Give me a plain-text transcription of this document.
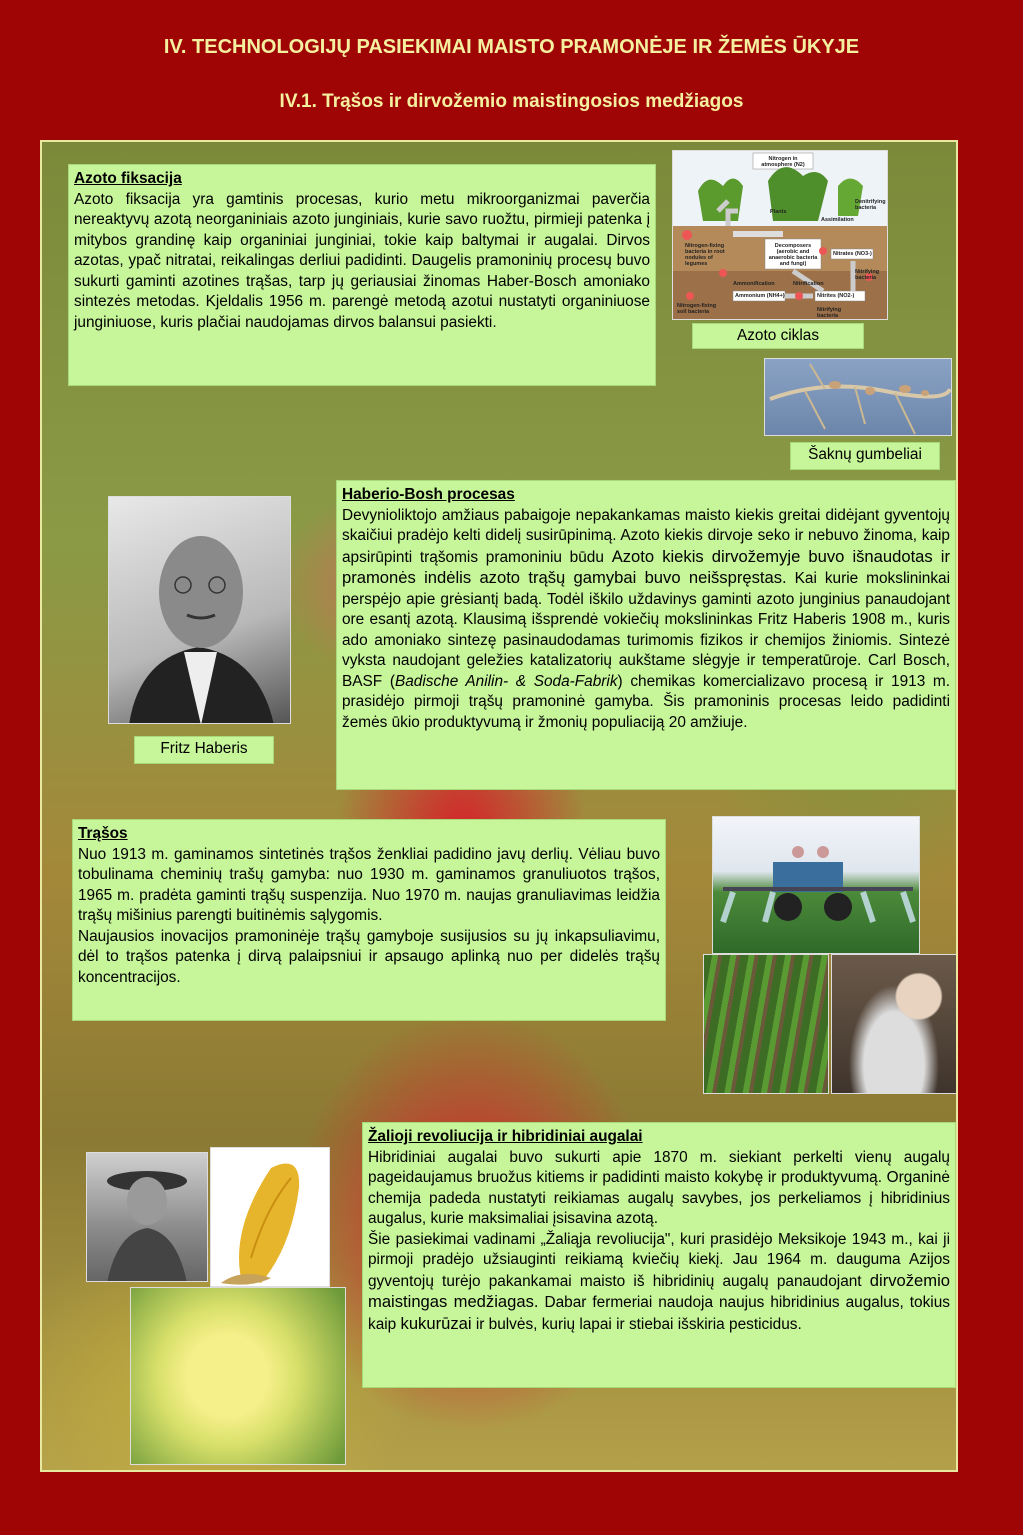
IV. TECHNOLOGIJŲ PASIEKIMAI MAISTO PRAMONĖJE IR ŽEMĖS ŪKYJE
IV.1. Trąšos ir dirvožemio maistingosios medžiagos
Azoto fiksacija

Azoto fiksacija yra gamtinis procesas, kurio metu mikroorganizmai paverčia nereaktyvų azotą neorganiniais azoto junginiais, kurie savo ruožtu, pirmieji patenka į mitybos grandinę kaip organiniai junginiai, tokie kaip baltymai ir augalai. Dirvos azotas, ypač nitratai, reikalingas derliui padidinti. Daugelis pramoninių procesų buvo sukurti gaminti azotines trąšas, tarp jų geriausiai žinomas Haber-Bosch amoniako sintezės metodas. Kjeldalis 1956 m. parengė metodą azotui nustatyti organiniuose junginiuose, kuris plačiai naudojamas dirvos balansui pasiekti.

Nitrogen in atmosphere (N2)
Plants
Assimilation
Denitrifying bacteria
Nitrogen-fixing bacteria in root nodules of legumes
Decomposers (aerobic and anaerobic bacteria and fungi)
Nitrates (NO3-)
Nitrifying bacteria
Ammonification	Nitrification
Nitrogen-fixing soil bacteria
Ammonium (NH4+)	Nitrites (NO2-)
Nitrifying bacteria
Azoto ciklas
Šaknų gumbeliai
Fritz Haberis
Haberio-Bosh procesas

Devynioliktojo amžiaus pabaigoje nepakankamas maisto kiekis greitai didėjant gyventojų skaičiui pradėjo kelti didelį susirūpinimą. Azoto kiekis dirvoje seko ir nebuvo žinoma, kaip apsirūpinti trąšomis pramoniniu būdu Azoto kiekis dirvožemyje buvo išnaudotas ir pramonės indėlis azoto trąšų gamybai buvo neišspręstas. Kai kurie mokslininkai perspėjo apie grėsiantį badą. Todėl iškilo uždavinys gaminti azoto junginius panaudojant ore esantį azotą. Klausimą išsprendė vokiečių mokslininkas Fritz Haberis 1908 m., kuris ado amoniako sintezę pasinaudodamas turimomis fizikos ir chemijos žiniomis. Sintezė vyksta naudojant geležies katalizatorių aukštame slėgyje ir temperatūroje. Carl Bosch, BASF (Badische Anilin- & Soda-Fabrik) chemikas komercializavo procesą ir 1913 m. prasidėjo pirmoji trąšų pramoninė gamyba. Šis pramoninis procesas leido padidinti žemės ūkio produktyvumą ir žmonių populiaciją 20 amžiuje.

Trąšos

Nuo 1913 m. gaminamos sintetinės trąšos ženkliai padidino javų derlių. Vėliau buvo tobulinama cheminių trašų gamyba: nuo 1930 m. gaminamos granuliuotos trąšos, 1965 m. pradėta gaminti trąšų suspenzija. Nuo 1970 m. naujas granuliavimas leidžia trąšų mišinius parengti buitinėmis sąlygomis.

Naujausios inovacijos pramoninėje trąšų gamyboje susijusios su jų inkapsuliavimu, dėl to trąšos patenka į dirvą palaipsniui ir apsaugo aplinką nuo per didelės trąšų koncentracijos.

Žalioji revoliucija ir hibridiniai augalai

Hibridiniai augalai buvo sukurti apie 1870 m. siekiant perkelti vienų augalų pageidaujamus bruožus kitiems ir padidinti maisto kokybę ir produktyvumą. Organinė chemija padeda nustatyti reikiamas augalų savybes, jos perkeliamos į hibridinius augalus, kurie maksimaliai įsisavina azotą.

Šie pasiekimai vadinami „Žaliąja revoliucija", kuri prasidėjo Meksikoje 1943 m., kai ji pirmoji pradėjo užsiauginti reikiamą kviečių kiekį. Jau 1964 m. dauguma Azijos gyventojų turėjo pakankamai maisto iš hibridinių augalų panaudojant dirvožemio maistingas medžiagas. Dabar fermeriai naudoja naujus hibridinius augalus, tokius kaip kukurūzai ir bulvės, kurių lapai ir stiebai išskiria pesticidus.
